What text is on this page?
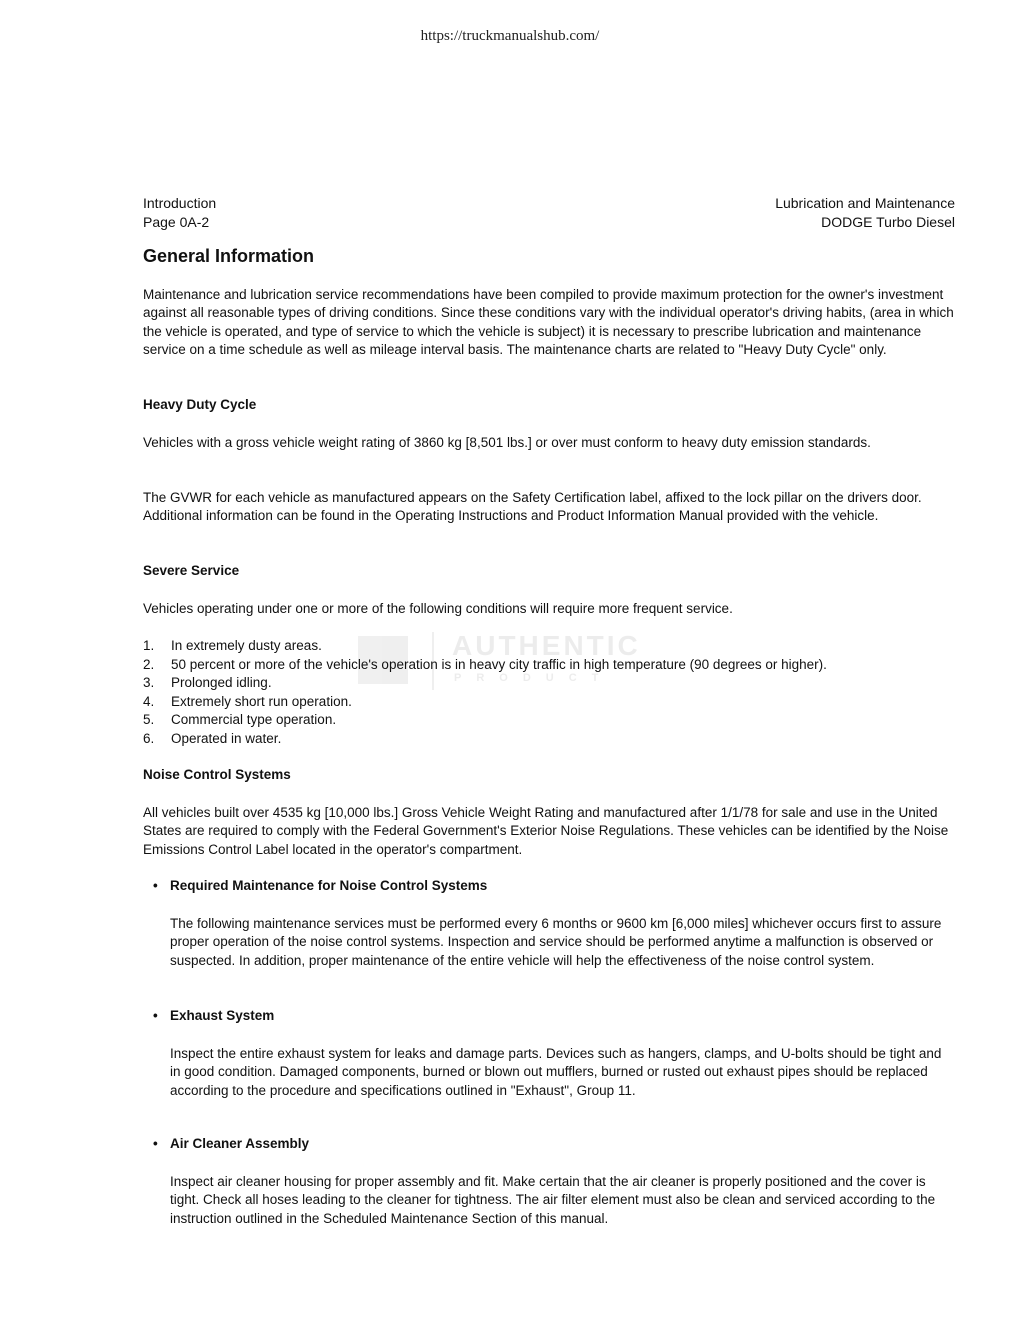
https://truckmanualshub.com/
Introduction
Page 0A-2
Lubrication and Maintenance
DODGE Turbo Diesel
General Information
Maintenance and lubrication service recommendations have been compiled to provide maximum protection for the owner's investment against all reasonable types of driving conditions. Since these conditions vary with the individual operator's driving habits, (area in which the vehicle is operated, and type of service to which the vehicle is subject) it is necessary to prescribe lubrication and maintenance service on a time schedule as well as mileage interval basis. The maintenance charts are related to "Heavy Duty Cycle" only.
Heavy Duty Cycle
Vehicles with a gross vehicle weight rating of 3860 kg [8,501 lbs.] or over must conform to heavy duty emission standards.
The GVWR for each vehicle as manufactured appears on the Safety Certification label, affixed to the lock pillar on the drivers door. Additional information can be found in the Operating Instructions and Product Information Manual provided with the vehicle.
Severe Service
Vehicles operating under one or more of the following conditions will require more frequent service.
AUTHENTIC
PRODUCT
1.	In extremely dusty areas.
2.	50 percent or more of the vehicle's operation is in heavy city traffic in high temperature (90 degrees or higher).
3.	Prolonged idling.
4.	Extremely short run operation.
5.	Commercial type operation.
6.	Operated in water.
Noise Control Systems
All vehicles built over 4535 kg [10,000 lbs.] Gross Vehicle Weight Rating and manufactured after 1/1/78 for sale and use in the United States are required to comply with the Federal Government's Exterior Noise Regulations. These vehicles can be identified by the Noise Emissions Control Label located in the operator's compartment.
• Required Maintenance for Noise Control Systems
The following maintenance services must be performed every 6 months or 9600 km [6,000 miles] whichever occurs first to assure proper operation of the noise control systems. Inspection and service should be performed anytime a malfunction is observed or suspected. In addition, proper maintenance of the entire vehicle will help the effectiveness of the noise control system.
• Exhaust System
Inspect the entire exhaust system for leaks and damage parts. Devices such as hangers, clamps, and U-bolts should be tight and in good condition. Damaged components, burned or blown out mufflers, burned or rusted out exhaust pipes should be replaced according to the procedure and specifications outlined in "Exhaust", Group 11.
• Air Cleaner Assembly
Inspect air cleaner housing for proper assembly and fit. Make certain that the air cleaner is properly positioned and the cover is tight. Check all hoses leading to the cleaner for tightness. The air filter element must also be clean and serviced according to the instruction outlined in the Scheduled Maintenance Section of this manual.
